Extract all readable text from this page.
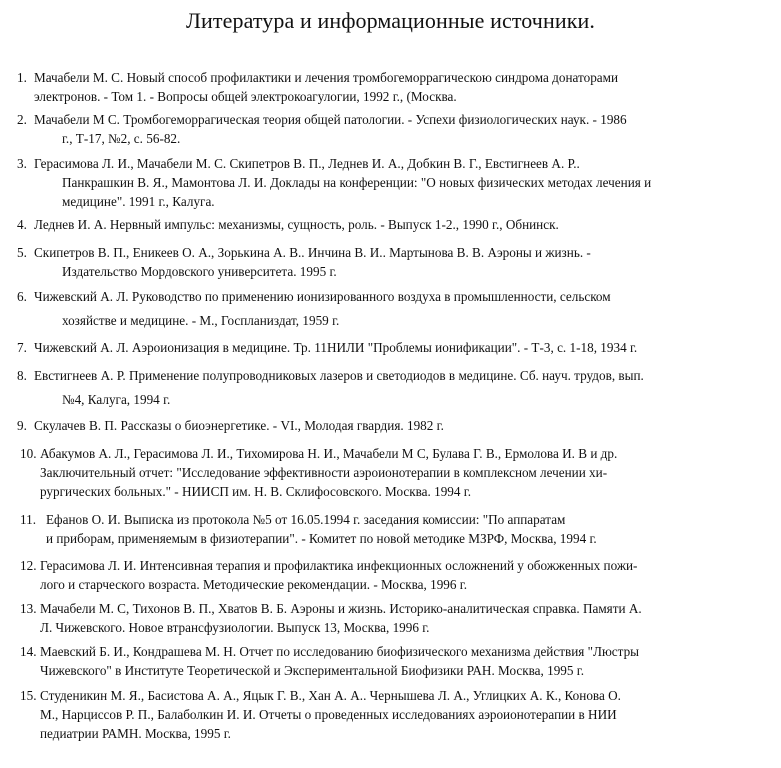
Литература и информационные источники.
1. Мачабели М. С. Новый способ профилактики и лечения тромбогеморрагическою синдрома донаторами
электронов. - Том 1. - Вопросы общей электрокоагулогии, 1992 г., (Москва.
2. Мачабели М С. Тромбогеморрагическая теория общей патологии. - Успехи физиологических наук. - 1986
г., Т-17, №2, с. 56-82.
3. Герасимова Л. И., Мачабели М. С. Скипетров В. П., Леднев И. А., Добкин В. Г., Евстигнеев А. Р..
Панкрашкин В. Я., Мамонтова Л. И. Доклады на конференции: "О новых физических методах лечения и
медицине". 1991 г., Калуга.
4. Леднев И. А. Нервный импульс: механизмы, сущность, роль. - Выпуск 1-2., 1990 г., Обнинск.
5. Скипетров В. П., Еникеев О. А., Зорькина А. В.. Инчина В. И.. Мартынова В. В. Аэроны и жизнь. -
Издательство Мордовского университета. 1995 г.
6. Чижевский А. Л. Руководство по применению ионизированного воздуха в промышленности, сельском
хозяйстве и медицине. - М., Госпланиздат, 1959 г.
7. Чижевский А. Л. Аэроионизация в медицине. Тр. 11НИЛИ "Проблемы ионификации". - Т-3, с. 1-18, 1934 г.
8. Евстигнеев А. Р. Применение полупроводниковых лазеров и светодиодов в медицине. Сб. науч. трудов, вып.
№4, Калуга, 1994 г.
9. Скулачев В. П. Рассказы о биоэнергетике. - VI., Молодая гвардия. 1982 г.
10. Абакумов А. Л., Герасимова Л. И., Тихомирова Н. И., Мачабели М С, Булава Г. В., Ермолова И. В и др.
Заключительный отчет: "Исследование эффективности аэроионотерапии в комплексном лечении хи-
рургических больных." - НИИСП им. Н. В. Склифосовского. Москва. 1994 г.
11. Ефанов О. И. Выписка из протокола №5 от 16.05.1994 г. заседания комиссии: "По аппаратам
и приборам, применяемым в физиотерапии". - Комитет по новой методике МЗРФ, Москва, 1994 г.
12. Герасимова Л. И. Интенсивная терапия и профилактика инфекционных осложнений у обожженных пожи-
лого и старческого возраста. Методические рекомендации. - Москва, 1996 г.
13. Мачабели М. С, Тихонов В. П., Хватов В. Б. Аэроны и жизнь. Историко-аналитическая справка. Памяти А.
Л. Чижевского. Новое втрансфузиологии. Выпуск 13, Москва, 1996 г.
14. Маевский Б. И., Кондрашева М. Н. Отчет по исследованию биофизического механизма действия "Люстры
Чижевского" в Институте Теоретической и Экспериментальной Биофизики РАН. Москва, 1995 г.
15. Студеникин М. Я., Басистова А. А., Яцык Г. В., Хан А. А.. Чернышева Л. А., Углицких А. К., Конова О.
М., Нарциссов Р. П., Балаболкин И. И. Отчеты о проведенных исследованиях аэроионотерапии в НИИ
педиатрии РАМН. Москва, 1995 г.
